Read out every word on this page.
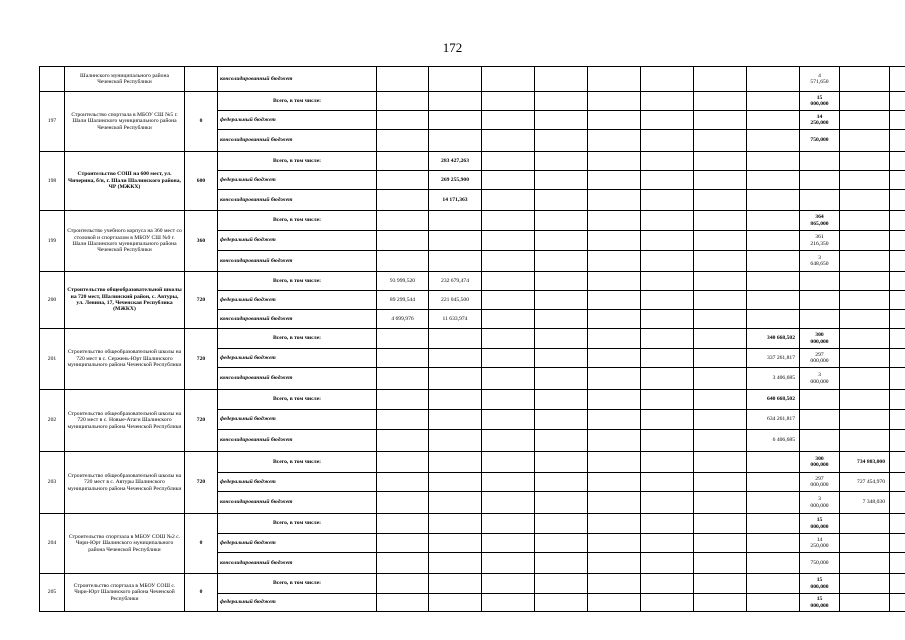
172
	Шалинского муниципального района Чеченской Республики		консолидированный бюджет									4
571,650		
197	Строительство спортзала в МБОУ СШ №5 г. Шали Шалинского муниципального района Чеченской Республики	0	Всего, в том числе:									15
000,000		
			федеральный бюджет									14
250,000		
			консолидированный бюджет									750,000		
198	Строительство СОШ на 600 мест, ул. Чичерина, б/н, г. Шали Шалинского района, ЧР (МЖКХ)	600	Всего, в том числе:		283 427,263									
			федеральный бюджет		269 255,900									
			консолидированный бюджет		14 171,363									
199	Строительство учебного корпуса на 360 мест со столовой и спортзалом в МБОУ СШ №9 г. Шали Шалинского муниципального района Чеченской Республики	360	Всего, в том числе:									364
865,000		
			федеральный бюджет									361
216,350		
			консолидированный бюджет									3
648,650		
200	Строительство общеобразовательной школы на 720 мест, Шалинский район, с. Автуры, ул. Ленина, 17, Чеченская Республика (МЖКХ)	720	Всего, в том числе:	93 999,520	232 679,474									
			федеральный бюджет	89 299,544	221 045,500									
			консолидированный бюджет	4 699,976	11 633,974									
201	Строительство общеобразовательной школы на 720 мест в с. Сержень-Юрт Шалинского муниципального района Чеченской Республики	720	Всего, в том числе:								340 668,502	300
000,000		
			федеральный бюджет								337 261,817	297
000,000		
			консолидированный бюджет								3 406,685	3
000,000		
202	Строительство общеобразовательной школы на 720 мест в с. Новые-Атаги Шалинского муниципального района Чеченской Республики	720	Всего, в том числе:								640 668,502			
			федеральный бюджет								634 261,817			
			консолидированный бюджет								6 406,685			
203	Строительство общеобразовательной школы на 720 мест в с. Автуры Шалинского муниципального района Чеченской Республики	720	Всего, в том числе:									300
000,000	734 803,000	
			федеральный бюджет									297
000,000	727 454,970	
			консолидированный бюджет									3
000,000	7 348,030	
204	Строительство спортзала в МБОУ СОШ №2 с. Чири-Юрт Шалинского муниципального района Чеченской Республики	0	Всего, в том числе:									15
000,000		
			федеральный бюджет									14
250,000		
			консолидированный бюджет									750,000		
205	Строительство спортзала в МБОУ СОШ с. Чири-Юрт Шалинского района Чеченской Республики	0	Всего, в том числе:									15
000,000		
			федеральный бюджет									15
000,000		
